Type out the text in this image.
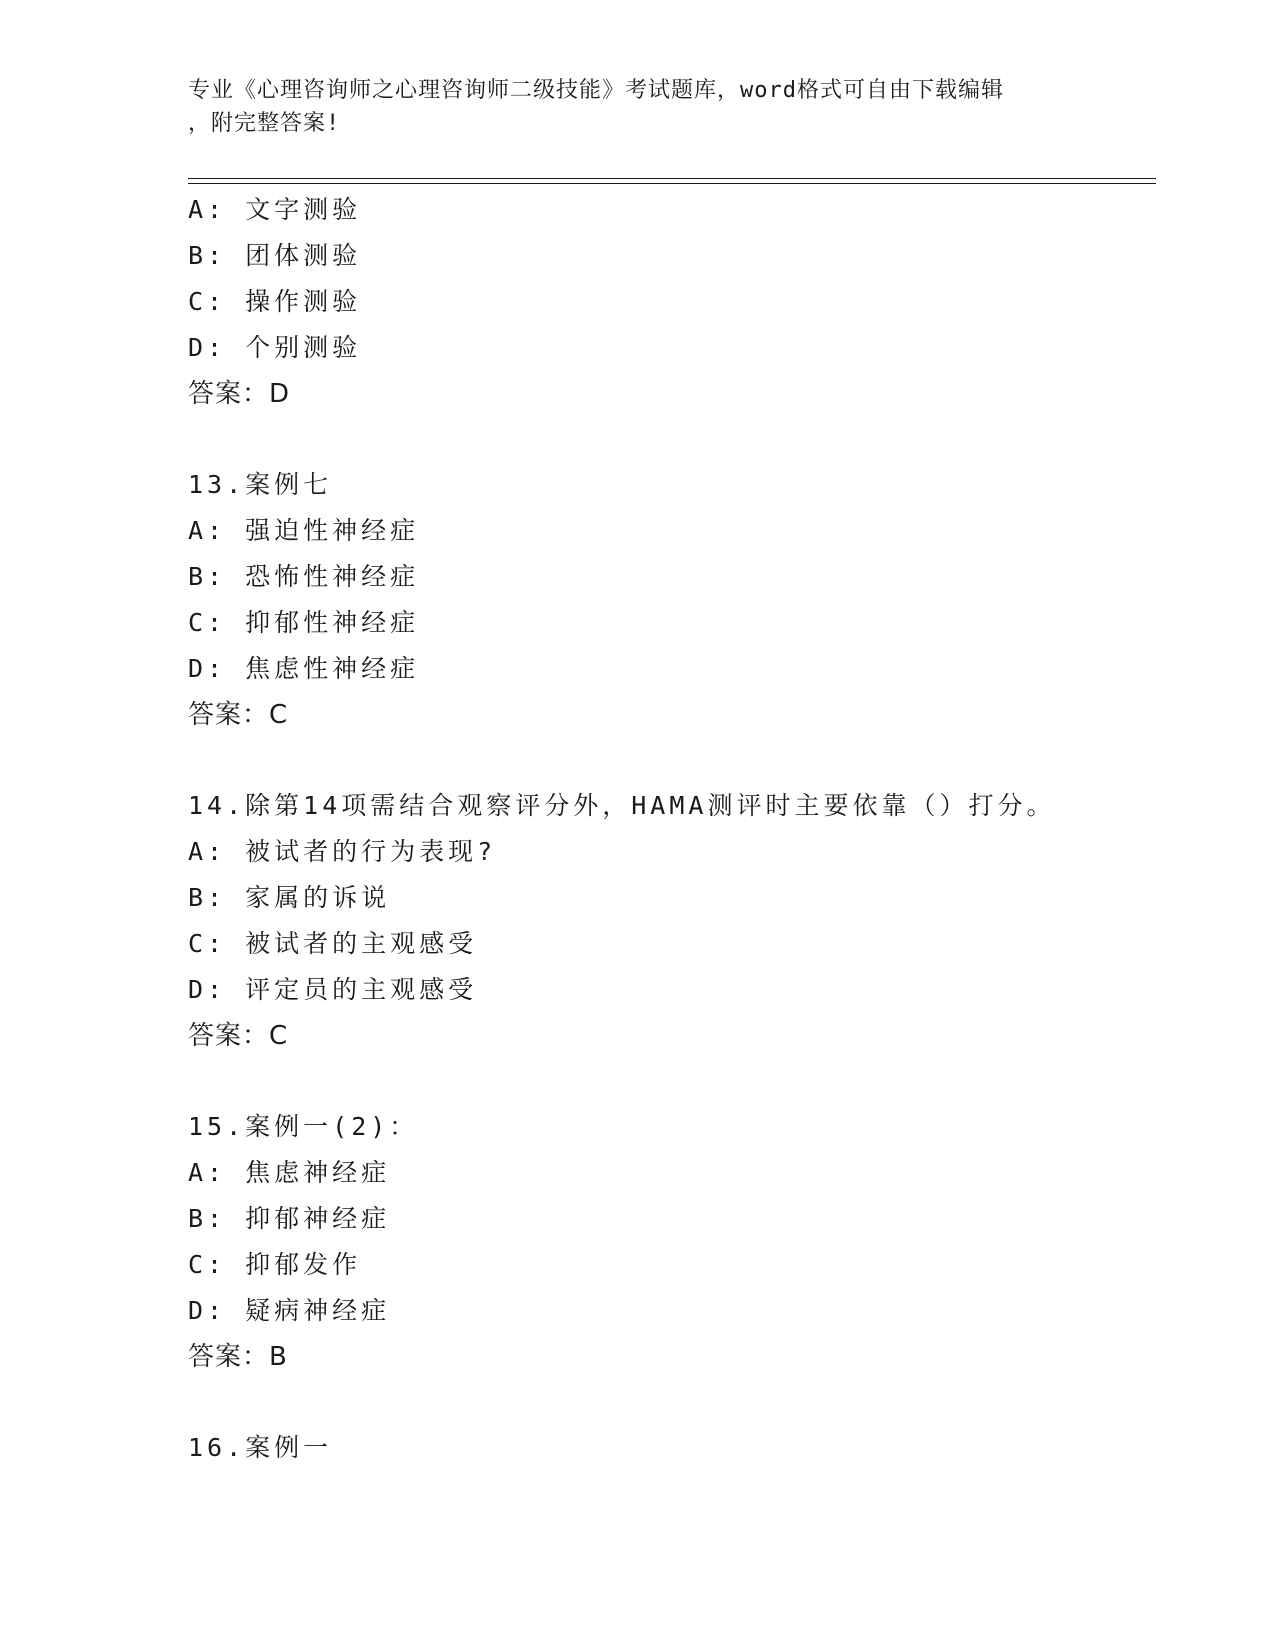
专业《心理咨询师之心理咨询师二级技能》考试题库，word格式可自由下载编辑
，附完整答案!
A: 文字测验
B: 团体测验
C: 操作测验
D: 个别测验
答案：D
13.案例七
A: 强迫性神经症
B: 恐怖性神经症
C: 抑郁性神经症
D: 焦虑性神经症
答案：C
14.除第14项需结合观察评分外，HAMA测评时主要依靠（）打分。
A: 被试者的行为表现?
B: 家属的诉说
C: 被试者的主观感受
D: 评定员的主观感受
答案：C
15.案例一(2)：
A: 焦虑神经症
B: 抑郁神经症
C: 抑郁发作
D: 疑病神经症
答案：B
16.案例一
